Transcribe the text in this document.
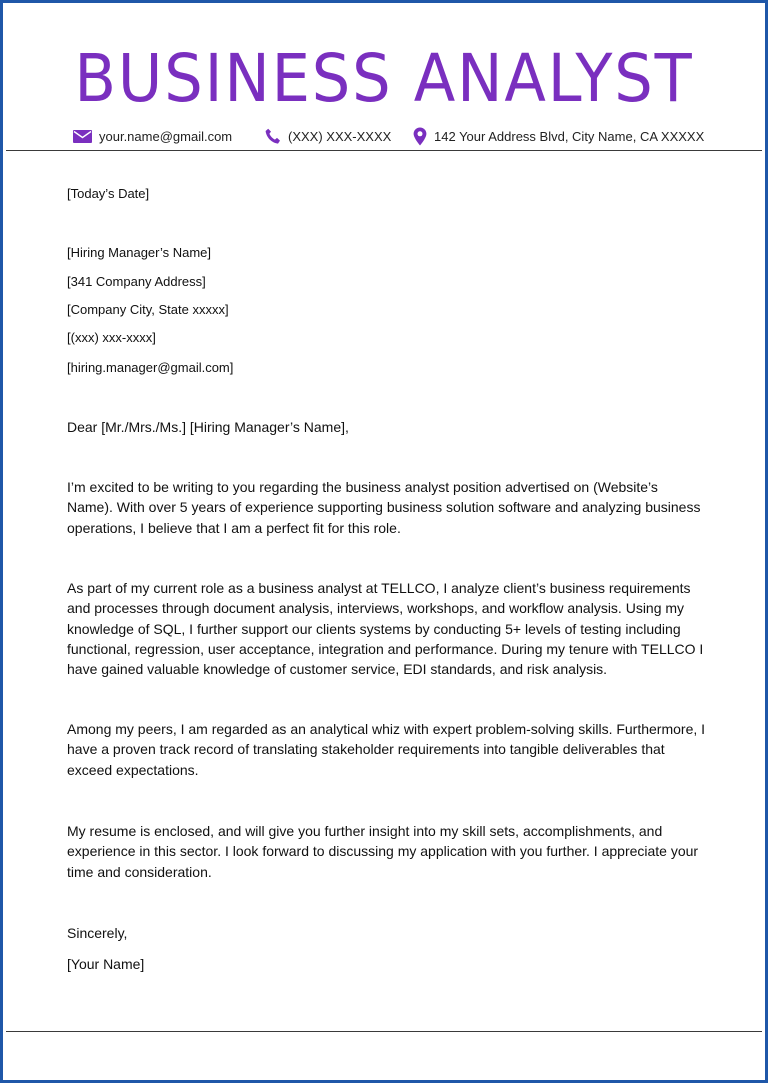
BUSINESS ANALYST
your.name@gmail.com	(XXX) XXX-XXXX	142 Your Address Blvd, City Name, CA XXXXX
[Today’s Date]
[Hiring Manager’s Name]
[341 Company Address]
[Company City, State xxxxx]
[(xxx) xxx-xxxx]
[hiring.manager@gmail.com]
Dear [Mr./Mrs./Ms.] [Hiring Manager’s Name],
I’m excited to be writing to you regarding the business analyst position advertised on (Website’s Name). With over 5 years of experience supporting business solution software and analyzing business operations, I believe that I am a perfect fit for this role.
As part of my current role as a business analyst at TELLCO, I analyze client’s business requirements and processes through document analysis, interviews, workshops, and workflow analysis. Using my knowledge of SQL, I further support our clients systems by conducting 5+ levels of testing including functional, regression, user acceptance, integration and performance. During my tenure with TELLCO I have gained valuable knowledge of customer service, EDI standards, and risk analysis.
Among my peers, I am regarded as an analytical whiz with expert problem-solving skills. Furthermore, I have a proven track record of translating stakeholder requirements into tangible deliverables that exceed expectations.
My resume is enclosed, and will give you further insight into my skill sets, accomplishments, and experience in this sector. I look forward to discussing my application with you further. I appreciate your time and consideration.
Sincerely,
[Your Name]
